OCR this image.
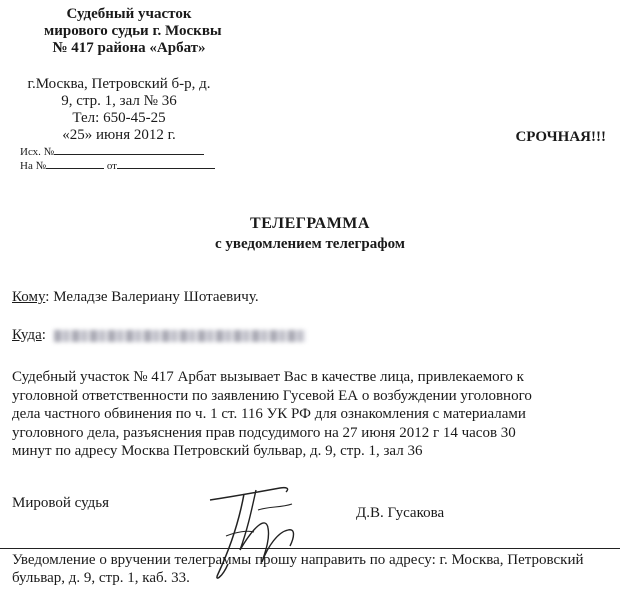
Судебный участок
мирового судьи г. Москвы
№ 417 района «Арбат»
г.Москва, Петровский б-р, д.
9, стр. 1, зал № 36
Тел: 650-45-25
«25» июня 2012 г.
Исх. №
На №	от
СРОЧНАЯ!!!
ТЕЛЕГРАММА
с уведомлением телеграфом
Кому: Меладзе Валериану Шотаевичу.
Куда:
Судебный участок № 417 Арбат вызывает Вас в качестве лица, привлекаемого к
уголовной ответственности по заявлению Гусевой ЕА о возбуждении уголовного
дела частного обвинения по ч. 1 ст. 116 УК РФ для ознакомления с материалами
уголовного дела, разъяснения прав подсудимого на 27 июня 2012 г 14 часов 30
минут по адресу Москва Петровский бульвар, д. 9, стр. 1, зал 36
Мировой судья
Д.В. Гусакова
Уведомление о вручении телеграммы прошу направить по адресу: г. Москва, Петровский
бульвар, д. 9, стр. 1, каб. 33.
